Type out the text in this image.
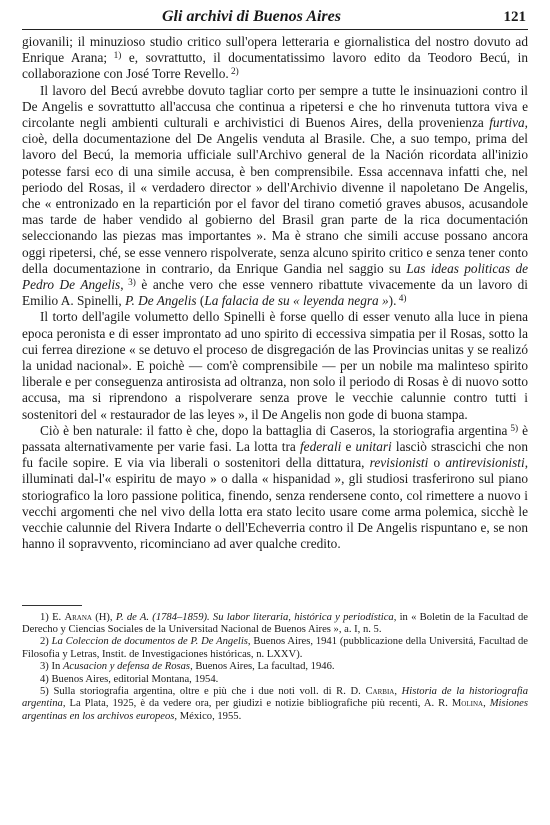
Gli archivi di Buenos Aires	121

giovanili; il minuzioso studio critico sull'opera letteraria e giornalistica del nostro dovuto ad Enrique Arana; $^{1)}$ e, sovrattutto, il documentatissimo lavoro edito da Teodoro Becú, in collaborazione con José Torre Revello. $^{2)}$

Il lavoro del Becú avrebbe dovuto tagliar corto per sempre a tutte le insinuazioni contro il De Angelis e sovrattutto all'accusa che continua a ripetersi e che ho rinvenuta tuttora viva e circolante negli ambienti culturali e archivistici di Buenos Aires, della provenienza furtiva, cioè, della documentazione del De Angelis venduta al Brasile. Che, a suo tempo, prima del lavoro del Becú, la memoria ufficiale sull'Archivo general de la Nación ricordata all'inizio potesse farsi eco di una simile accusa, è ben comprensibile. Essa accennava infatti che, nel periodo del Rosas, il « verdadero director » dell'Archivio divenne il napoletano De Angelis, che « entronizado en la repartición por el favor del tirano cometió graves abusos, acusandole mas tarde de haber vendido al gobierno del Brasil gran parte de la rica documentación seleccionando las piezas mas importantes ». Ma è strano che simili accuse possano ancora oggi ripetersi, ché, se esse vennero rispolverate, senza alcuno spirito critico e senza tener conto della documentazione in contrario, da Enrique Gandia nel saggio su Las ideas politicas de Pedro De Angelis, $^{3)}$ è anche vero che esse vennero ribattute vivacemente da un lavoro di Emilio A. Spinelli, P. De Angelis (La falacia de su « leyenda negra »). $^{4)}$

Il torto dell'agile volumetto dello Spinelli è forse quello di esser venuto alla luce in piena epoca peronista e di esser improntato ad uno spirito di eccessiva simpatia per il Rosas, sotto la cui ferrea direzione « se detuvo el proceso de disgregación de las Provincias unitas y se realizó la unidad nacional». E poichè — com'è comprensibile — per un nobile ma malinteso spirito liberale e per conseguenza antirosista ad oltranza, non solo il periodo di Rosas è di nuovo sotto accusa, ma si riprendono a rispolverare senza prove le vecchie calunnie contro tutti i sostenitori del « restaurador de las leyes », il De Angelis non gode di buona stampa.

Ciò è ben naturale: il fatto è che, dopo la battaglia di Caseros, la storiografia argentina $^{5)}$ è passata alternativamente per varie fasi. La lotta tra federali e unitari lasciò strascichi che non fu facile sopire. E via via liberali o sostenitori della dittatura, revisionisti o antirevisionisti, illuminati dal-l'« espiritu de mayo » o dalla « hispanidad », gli studiosi trasferirono sul piano storiografico la loro passione politica, finendo, senza rendersene conto, col rimettere a nuovo i vecchi argomenti che nel vivo della lotta era stato lecito usare come arma polemica, sicchè le vecchie calunnie del Rivera Indarte o dell'Echeverria contro il De Angelis rispuntano e, se non hanno il sopravvento, ricominciano ad aver qualche credito.

1) E. Arana (H), P. de A. (1784–1859). Su labor literaria, histórica y periodística, in « Boletin de la Facultad de Derecho y Ciencias Sociales de la Universitad Nacional de Buenos Aires », a. I, n. 5.

2) La Coleccion de documentos de P. De Angelis, Buenos Aires, 1941 (pubblicazione della Universitá, Facultad de Filosofia y Letras, Instit. de Investigaciones históricas, n. LXXV).

3) In Acusacion y defensa de Rosas, Buenos Aires, La facultad, 1946.

4) Buenos Aires, editorial Montana, 1954.

5) Sulla storiografia argentina, oltre e più che i due noti voll. di R. D. Carbia, Historia de la historiografia argentina, La Plata, 1925, è da vedere ora, per giudizi e notizie bibliografiche più recenti, A. R. Molina, Misiones argentinas en los archivos europeos, México, 1955.
